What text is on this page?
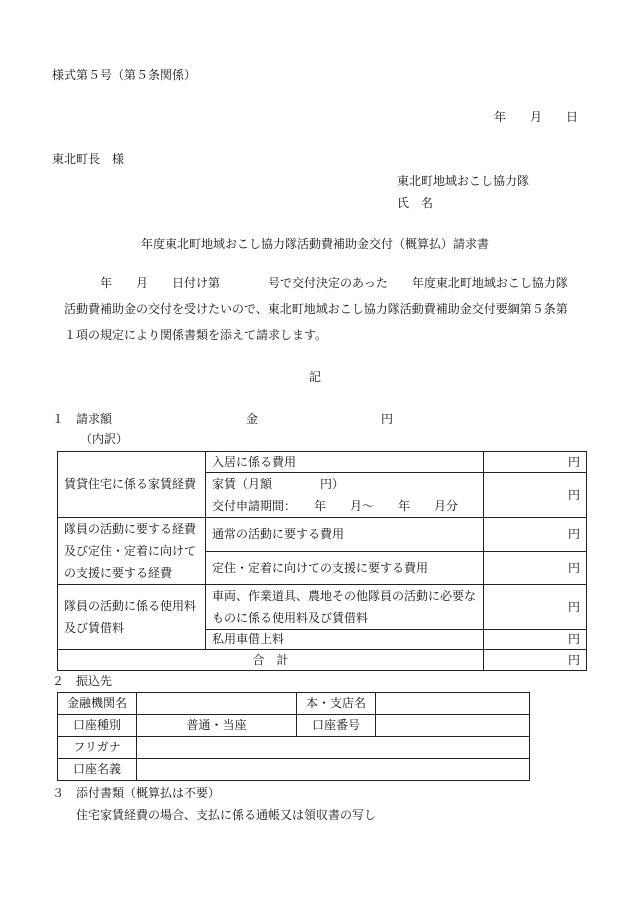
様式第５号（第５条関係）
年　　月　　日
東北町長　様
東北町地域おこし協力隊
氏　名
年度東北町地域おこし協力隊活動費補助金交付（概算払）請求書

年　　月　　日付け第　　　　号で交付決定のあった　　年度東北町地域おこし協力隊

活動費補助金の交付を受けたいので、東北町地域おこし協力隊活動費補助金交付要綱第５条第

１項の規定により関係書類を添えて請求します。

記
１　請求額	金	円
（内訳）
賃貸住宅に係る家賃経費	入居に係る費用	円

	家賃（月額　　　　円）
交付申請期間：　　年　　月～　　年　　月分	円
隊員の活動に要する経費及び定住・定着に向けての支援に要する経費	通常の活動に要する費用	円
	定住・定着に向けての支援に要する費用	円
隊員の活動に係る使用料及び賃借料	車両、作業道具、農地その他隊員の活動に必要なものに係る使用料及び賃借料	円
	私用車借上料	円
合　計		円
２　振込先
金融機関名		本・支店名	
口座種別	普通・当座	口座番号	
フリガナ			
口座名義			
３　添付書類（概算払は不要）
住宅家賃経費の場合、支払に係る通帳又は領収書の写し
